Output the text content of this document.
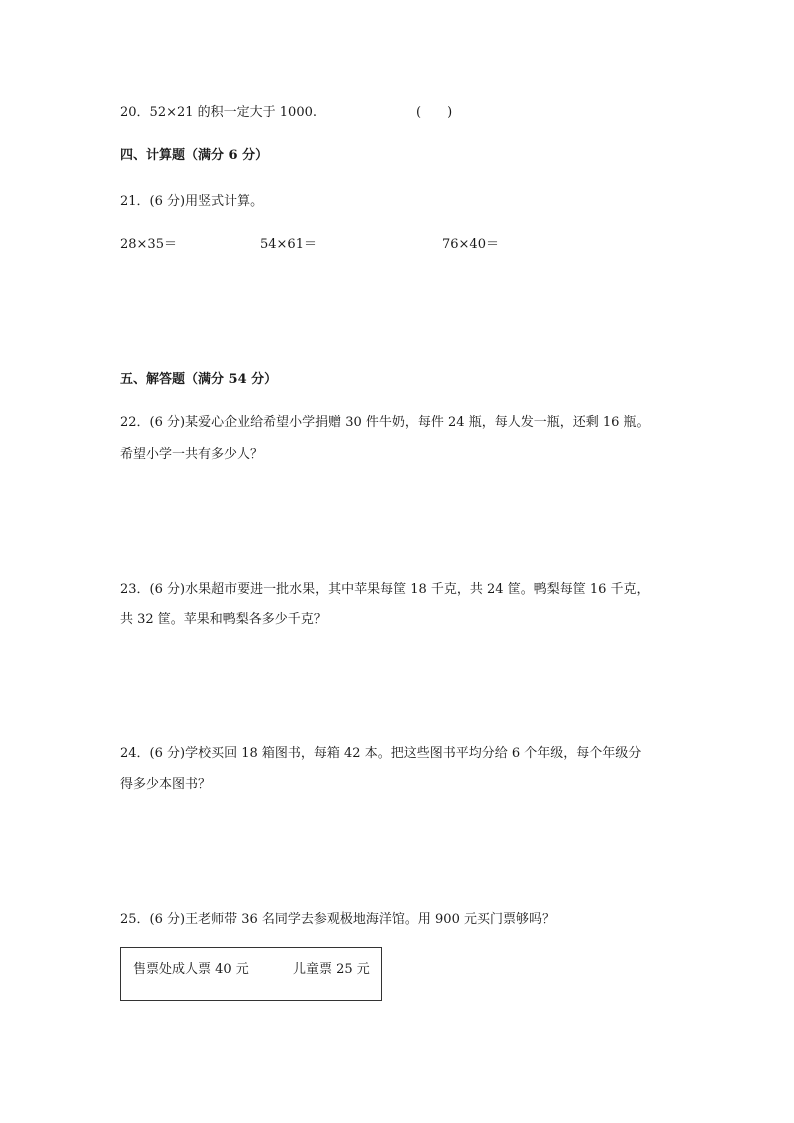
20．52×21 的积一定大于 1000.	(　　)
四、计算题（满分 6 分）
21．(6 分)用竖式计算。
28×35＝	54×61＝	76×40＝
五、解答题（满分 54 分）
22．(6 分)某爱心企业给希望小学捐赠 30 件牛奶，每件 24 瓶，每人发一瓶，还剩 16 瓶。
希望小学一共有多少人？
23．(6 分)水果超市要进一批水果，其中苹果每筐 18 千克，共 24 筐。鸭梨每筐 16 千克，
共 32 筐。苹果和鸭梨各多少千克？
24．(6 分)学校买回 18 箱图书，每箱 42 本。把这些图书平均分给 6 个年级，每个年级分
得多少本图书？
25．(6 分)王老师带 36 名同学去参观极地海洋馆。用 900 元买门票够吗？
售票处成人票 40 元	儿童票 25 元
